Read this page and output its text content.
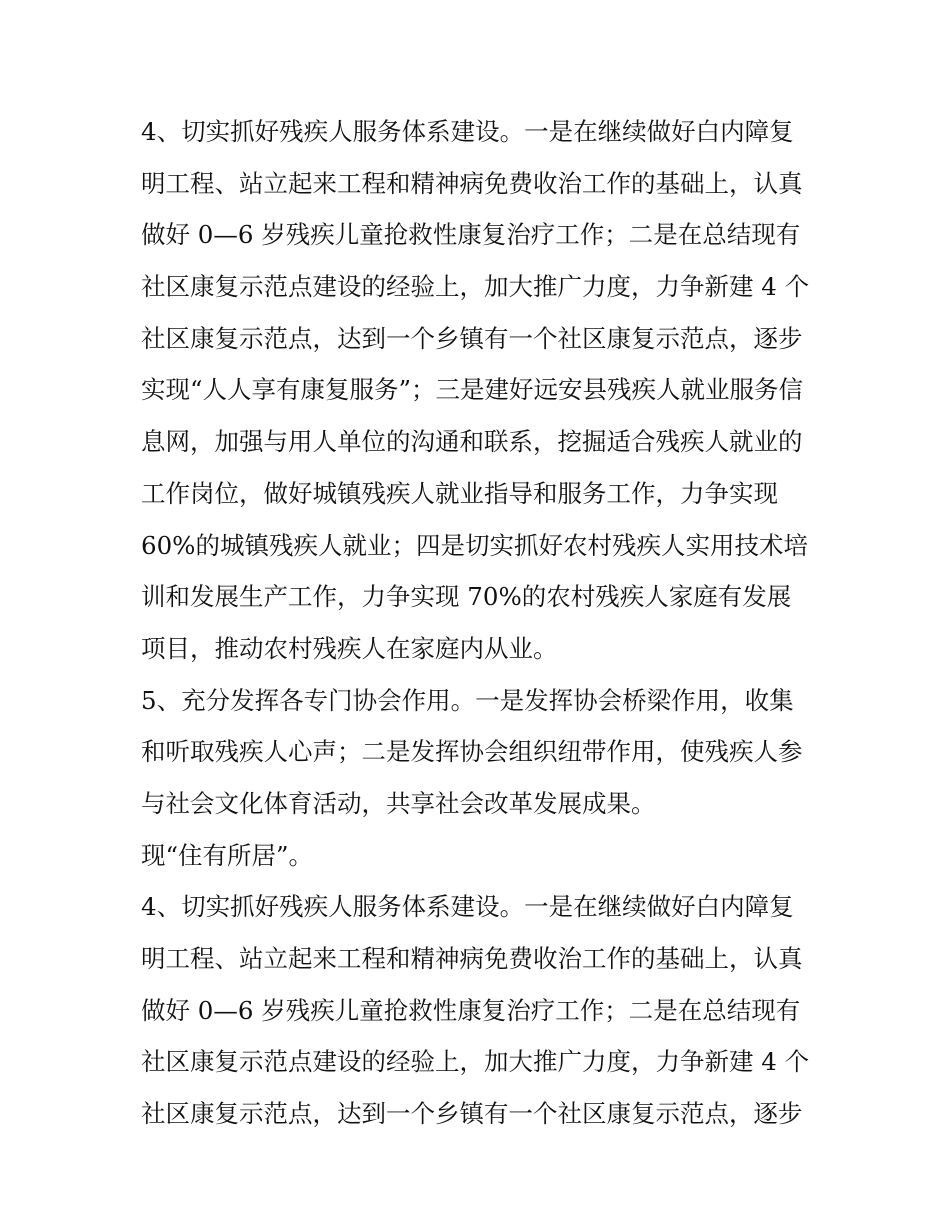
4、切实抓好残疾人服务体系建设。一是在继续做好白内障复
明工程、站立起来工程和精神病免费收治工作的基础上，认真
做好 0—6 岁残疾儿童抢救性康复治疗工作；二是在总结现有
社区康复示范点建设的经验上，加大推广力度，力争新建 4 个
社区康复示范点，达到一个乡镇有一个社区康复示范点，逐步
实现“人人享有康复服务”；三是建好远安县残疾人就业服务信
息网，加强与用人单位的沟通和联系，挖掘适合残疾人就业的
工作岗位，做好城镇残疾人就业指导和服务工作，力争实现
60%的城镇残疾人就业；四是切实抓好农村残疾人实用技术培
训和发展生产工作，力争实现 70%的农村残疾人家庭有发展
项目，推动农村残疾人在家庭内从业。
5、充分发挥各专门协会作用。一是发挥协会桥梁作用，收集
和听取残疾人心声；二是发挥协会组织纽带作用，使残疾人参
与社会文化体育活动，共享社会改革发展成果。
现“住有所居”。
4、切实抓好残疾人服务体系建设。一是在继续做好白内障复
明工程、站立起来工程和精神病免费收治工作的基础上，认真
做好 0—6 岁残疾儿童抢救性康复治疗工作；二是在总结现有
社区康复示范点建设的经验上，加大推广力度，力争新建 4 个
社区康复示范点，达到一个乡镇有一个社区康复示范点，逐步
